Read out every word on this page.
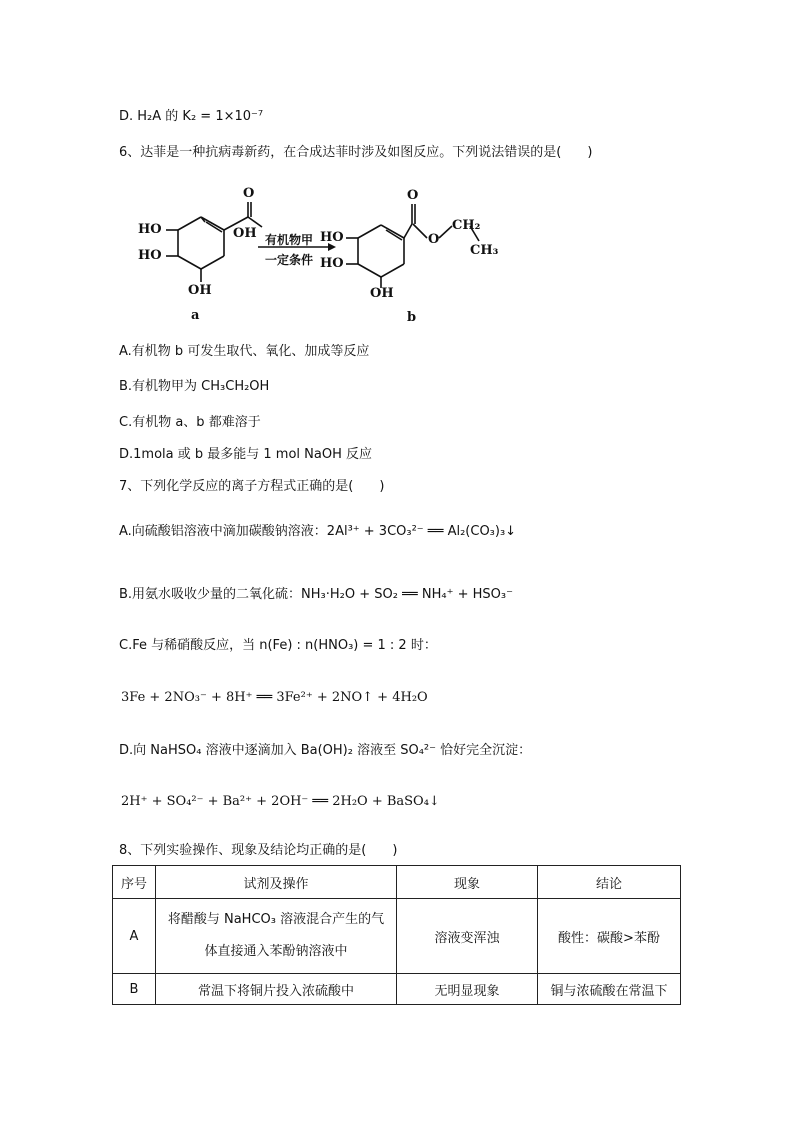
D. H₂A 的 K₂ = 1×10⁻⁷
6、达菲是一种抗病毒新药，在合成达菲时涉及如图反应。下列说法错误的是(　　)
HO
HO
OH
O
OH 有机物甲
一定条件
O
CH₂
O
CH₃
HO
HO
OH
a	b
A.有机物 b 可发生取代、氧化、加成等反应
B.有机物甲为 CH₃CH₂OH
C.有机物 a、b 都难溶于
D.1mola 或 b 最多能与 1 mol NaOH 反应
7、下列化学反应的离子方程式正确的是(　　)
A.向硫酸铝溶液中滴加碳酸钠溶液：2Al³⁺ + 3CO₃²⁻ ══ Al₂(CO₃)₃↓
B.用氨水吸收少量的二氧化硫：NH₃·H₂O + SO₂ ══ NH₄⁺ + HSO₃⁻
C.Fe 与稀硝酸反应，当 n(Fe) : n(HNO₃) = 1 : 2 时：
3Fe + 2NO₃⁻ + 8H⁺ ══ 3Fe²⁺ + 2NO↑ + 4H₂O
D.向 NaHSO₄ 溶液中逐滴加入 Ba(OH)₂ 溶液至 SO₄²⁻ 恰好完全沉淀：
2H⁺ + SO₄²⁻ + Ba²⁺ + 2OH⁻ ══ 2H₂O + BaSO₄↓
8、下列实验操作、现象及结论均正确的是(　　)
序号	试剂及操作	现象	结论
A	将醋酸与 NaHCO₃ 溶液混合产生的气
体直接通入苯酚钠溶液中	溶液变浑浊	酸性：碳酸>苯酚
B	常温下将铜片投入浓硫酸中	无明显现象	铜与浓硫酸在常温下
